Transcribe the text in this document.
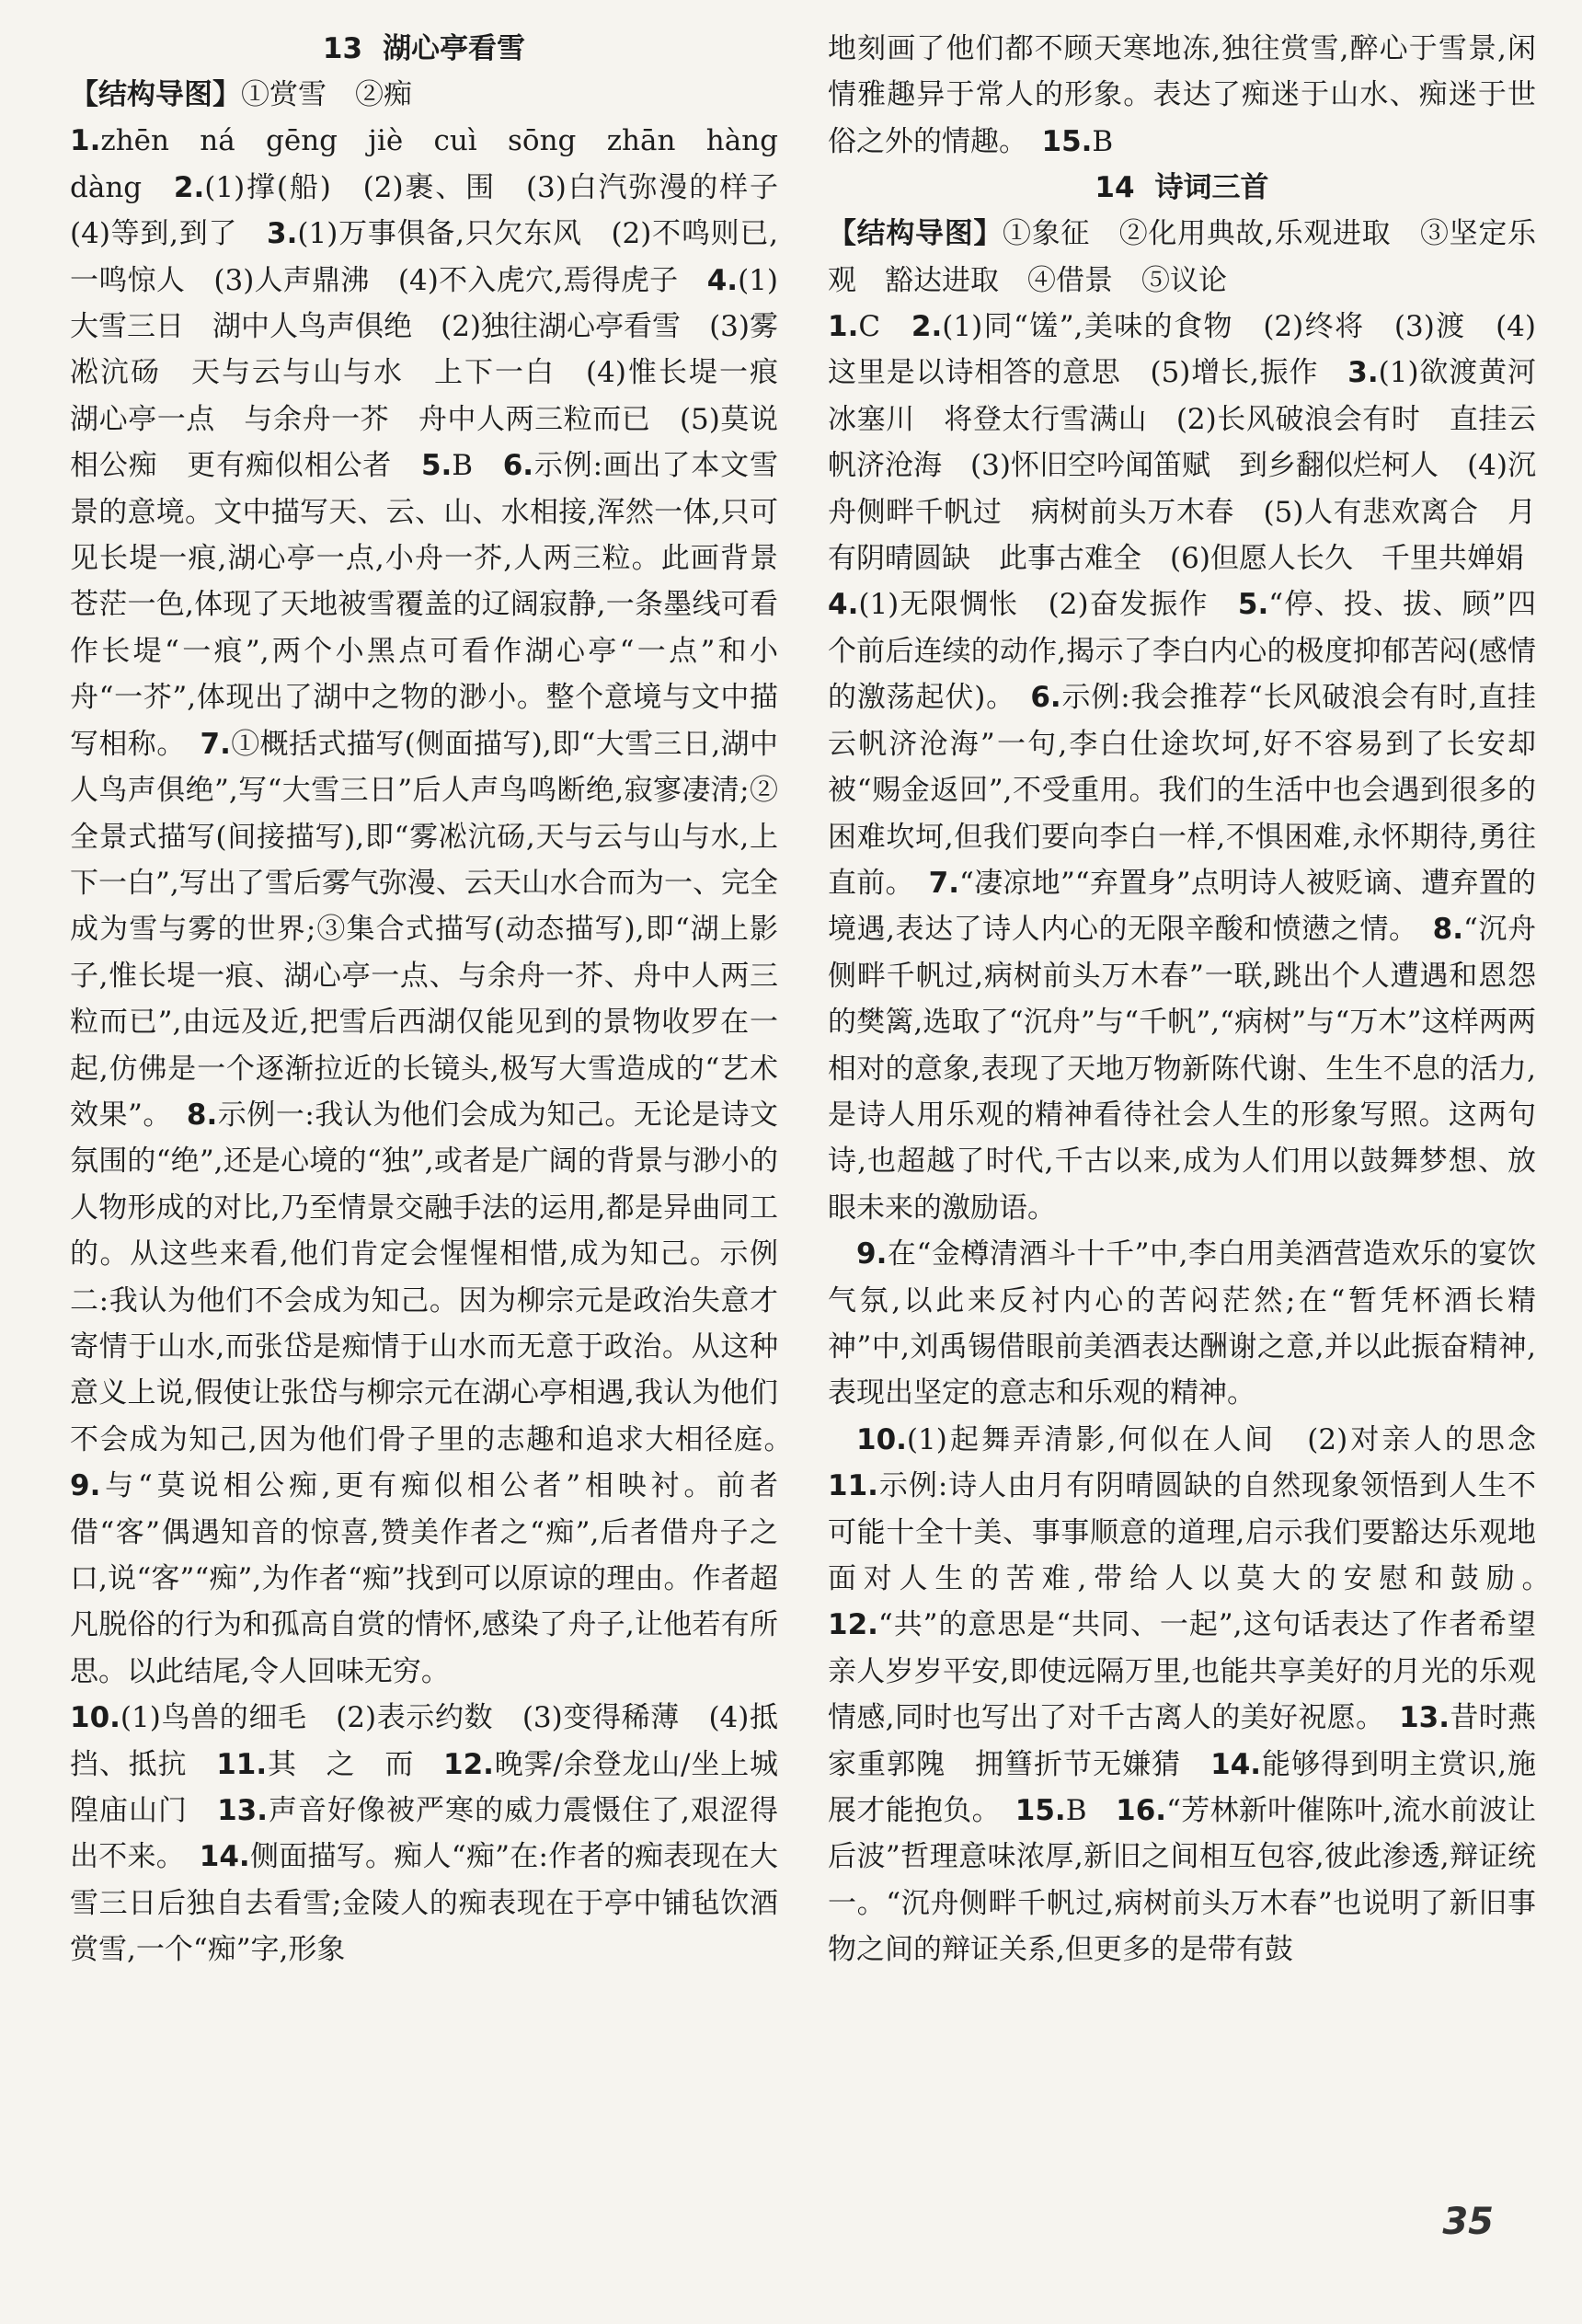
13 湖心亭看雪

【结构导图】①赏雪　②痴

1.zhēn　ná　gēng　jiè　cuì　sōng　zhān　hàng dàng　2.(1)撑(船)　(2)裹、围　(3)白汽弥漫的样子　(4)等到,到了　3.(1)万事俱备,只欠东风　(2)不鸣则已,一鸣惊人　(3)人声鼎沸　(4)不入虎穴,焉得虎子　4.(1)大雪三日　湖中人鸟声俱绝　(2)独往湖心亭看雪　(3)雾凇沆砀　天与云与山与水　上下一白　(4)惟长堤一痕　湖心亭一点　与余舟一芥　舟中人两三粒而已　(5)莫说相公痴　更有痴似相公者　5.B　6.示例:画出了本文雪景的意境。文中描写天、云、山、水相接,浑然一体,只可见长堤一痕,湖心亭一点,小舟一芥,人两三粒。此画背景苍茫一色,体现了天地被雪覆盖的辽阔寂静,一条墨线可看作长堤“一痕”,两个小黑点可看作湖心亭“一点”和小舟“一芥”,体现出了湖中之物的渺小。整个意境与文中描写相称。　7.①概括式描写(侧面描写),即“大雪三日,湖中人鸟声俱绝”,写“大雪三日”后人声鸟鸣断绝,寂寥凄清;②全景式描写(间接描写),即“雾凇沆砀,天与云与山与水,上下一白”,写出了雪后雾气弥漫、云天山水合而为一、完全成为雪与雾的世界;③集合式描写(动态描写),即“湖上影子,惟长堤一痕、湖心亭一点、与余舟一芥、舟中人两三粒而已”,由远及近,把雪后西湖仅能见到的景物收罗在一起,仿佛是一个逐渐拉近的长镜头,极写大雪造成的“艺术效果”。　8.示例一:我认为他们会成为知己。无论是诗文氛围的“绝”,还是心境的“独”,或者是广阔的背景与渺小的人物形成的对比,乃至情景交融手法的运用,都是异曲同工的。从这些来看,他们肯定会惺惺相惜,成为知己。示例二:我认为他们不会成为知己。因为柳宗元是政治失意才寄情于山水,而张岱是痴情于山水而无意于政治。从这种意义上说,假使让张岱与柳宗元在湖心亭相遇,我认为他们不会成为知己,因为他们骨子里的志趣和追求大相径庭。　9.与“莫说相公痴,更有痴似相公者”相映衬。前者借“客”偶遇知音的惊喜,赞美作者之“痴”,后者借舟子之口,说“客”“痴”,为作者“痴”找到可以原谅的理由。作者超凡脱俗的行为和孤高自赏的情怀,感染了舟子,让他若有所思。以此结尾,令人回味无穷。

10.(1)鸟兽的细毛　(2)表示约数　(3)变得稀薄　(4)抵挡、抵抗　11.其　之　而　12.晚霁/余登龙山/坐上城隍庙山门　13.声音好像被严寒的威力震慑住了,艰涩得出不来。　14.侧面描写。痴人“痴”在:作者的痴表现在大雪三日后独自去看雪;金陵人的痴表现在于亭中铺毡饮酒赏雪,一个“痴”字,形象

地刻画了他们都不顾天寒地冻,独往赏雪,醉心于雪景,闲情雅趣异于常人的形象。表达了痴迷于山水、痴迷于世俗之外的情趣。　15.B　

14 诗词三首

【结构导图】①象征　②化用典故,乐观进取　③坚定乐观　豁达进取　④借景　⑤议论

1.C　2.(1)同“馐”,美味的食物　(2)终将　(3)渡　(4)这里是以诗相答的意思　(5)增长,振作　3.(1)欲渡黄河冰塞川　将登太行雪满山　(2)长风破浪会有时　直挂云帆济沧海　(3)怀旧空吟闻笛赋　到乡翻似烂柯人　(4)沉舟侧畔千帆过　病树前头万木春　(5)人有悲欢离合　月有阴晴圆缺　此事古难全　(6)但愿人长久　千里共婵娟

4.(1)无限惆怅　(2)奋发振作　5.“停、投、拔、顾”四个前后连续的动作,揭示了李白内心的极度抑郁苦闷(感情的激荡起伏)。　6.示例:我会推荐“长风破浪会有时,直挂云帆济沧海”一句,李白仕途坎坷,好不容易到了长安却被“赐金返回”,不受重用。我们的生活中也会遇到很多的困难坎坷,但我们要向李白一样,不惧困难,永怀期待,勇往直前。　7.“凄凉地”“弃置身”点明诗人被贬谪、遭弃置的境遇,表达了诗人内心的无限辛酸和愤懑之情。　8.“沉舟侧畔千帆过,病树前头万木春”一联,跳出个人遭遇和恩怨的樊篱,选取了“沉舟”与“千帆”,“病树”与“万木”这样两两相对的意象,表现了天地万物新陈代谢、生生不息的活力,是诗人用乐观的精神看待社会人生的形象写照。这两句诗,也超越了时代,千古以来,成为人们用以鼓舞梦想、放眼未来的激励语。

9.在“金樽清酒斗十千”中,李白用美酒营造欢乐的宴饮气氛,以此来反衬内心的苦闷茫然;在“暂凭杯酒长精神”中,刘禹锡借眼前美酒表达酬谢之意,并以此振奋精神,表现出坚定的意志和乐观的精神。

10.(1)起舞弄清影,何似在人间　(2)对亲人的思念　11.示例:诗人由月有阴晴圆缺的自然现象领悟到人生不可能十全十美、事事顺意的道理,启示我们要豁达乐观地面对人生的苦难,带给人以莫大的安慰和鼓励。　12.“共”的意思是“共同、一起”,这句话表达了作者希望亲人岁岁平安,即使远隔万里,也能共享美好的月光的乐观情感,同时也写出了对千古离人的美好祝愿。　13.昔时燕家重郭隗　拥篲折节无嫌猜　14.能够得到明主赏识,施展才能抱负。　15.B　16.“芳林新叶催陈叶,流水前波让后波”哲理意味浓厚,新旧之间相互包容,彼此渗透,辩证统一。“沉舟侧畔千帆过,病树前头万木春”也说明了新旧事物之间的辩证关系,但更多的是带有鼓

35
